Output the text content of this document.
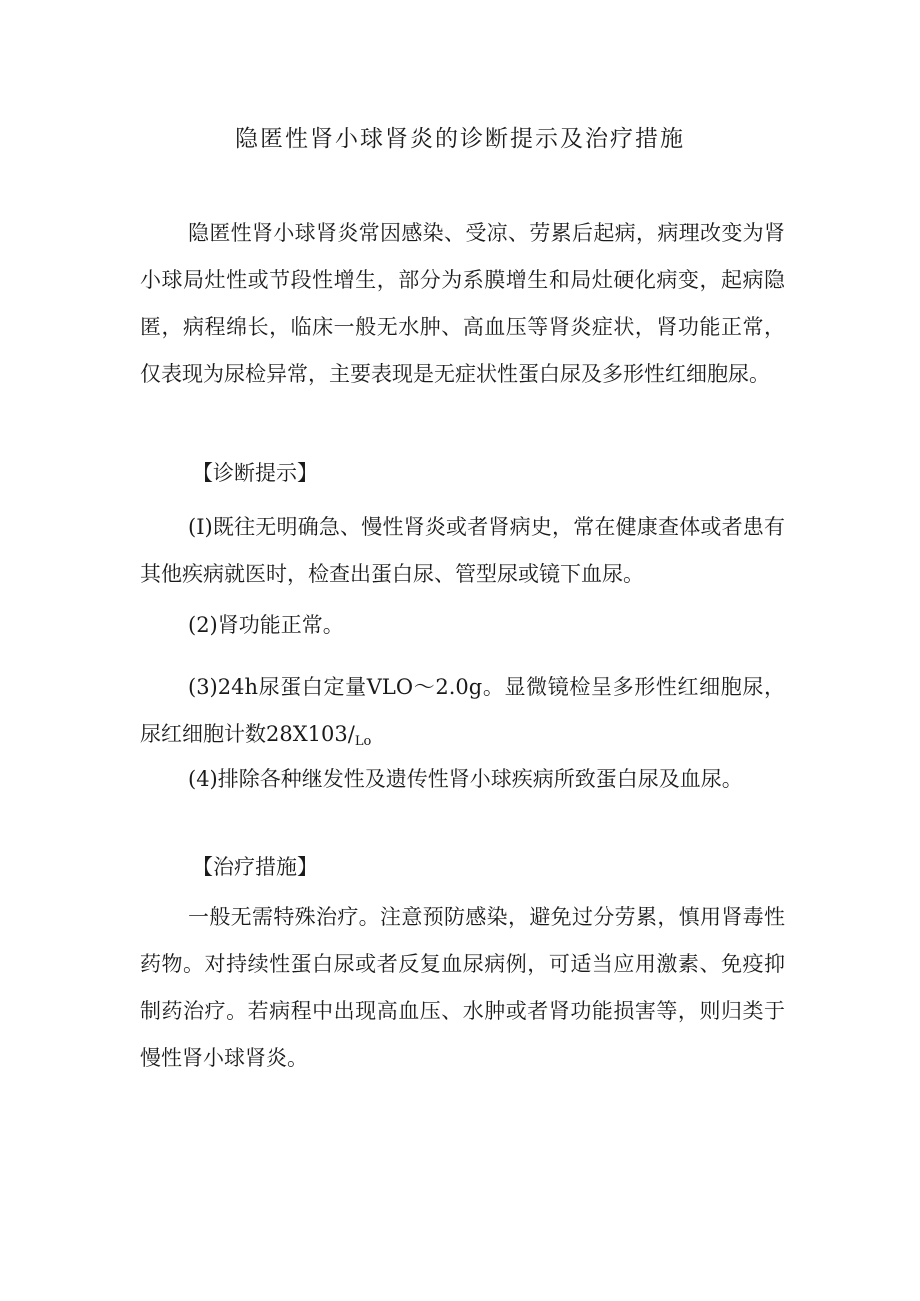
隐匿性肾小球肾炎的诊断提示及治疗措施

隐匿性肾小球肾炎常因感染、受凉、劳累后起病，病理改变为肾小球局灶性或节段性增生，部分为系膜增生和局灶硬化病变，起病隐匿，病程绵长，临床一般无水肿、高血压等肾炎症状，肾功能正常，仅表现为尿检异常，主要表现是无症状性蛋白尿及多形性红细胞尿。

【诊断提示】

(I)既往无明确急、慢性肾炎或者肾病史，常在健康查体或者患有其他疾病就医时，检查出蛋白尿、管型尿或镜下血尿。

(2)肾功能正常。

(3)24h尿蛋白定量VLO～2.0g。显微镜检呈多形性红细胞尿，尿红细胞计数$28X103/_{Lo}$

(4)排除各种继发性及遗传性肾小球疾病所致蛋白尿及血尿。

【治疗措施】

一般无需特殊治疗。注意预防感染，避免过分劳累，慎用肾毒性药物。对持续性蛋白尿或者反复血尿病例，可适当应用激素、免疫抑制药治疗。若病程中出现高血压、水肿或者肾功能损害等，则归类于慢性肾小球肾炎。
